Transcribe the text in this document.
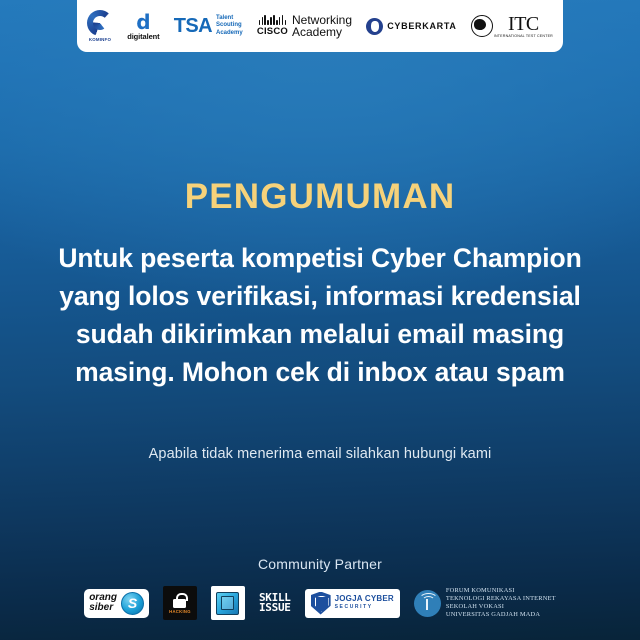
KOMINFO
d
digitalent TSA Talent
Scouting
Academy CISCO
Networking
Academy	CYBERKARTA	ITC
INTERNATIONAL TEST CENTER
PENGUMUMAN
Untuk peserta kompetisi Cyber Champion yang lolos verifikasi, informasi kredensial sudah dikirimkan melalui email masing masing. Mohon cek di inbox atau spam
Apabila tidak menerima email silahkan hubungi kami
Community Partner
orang
siber S	HACKING
SKILL
ISSUE
JOGJA CYBER
SECURITY
FORUM KOMUNIKASI
TEKNOLOGI REKAYASA INTERNET
SEKOLAH VOKASI
UNIVERSITAS GADJAH MADA
